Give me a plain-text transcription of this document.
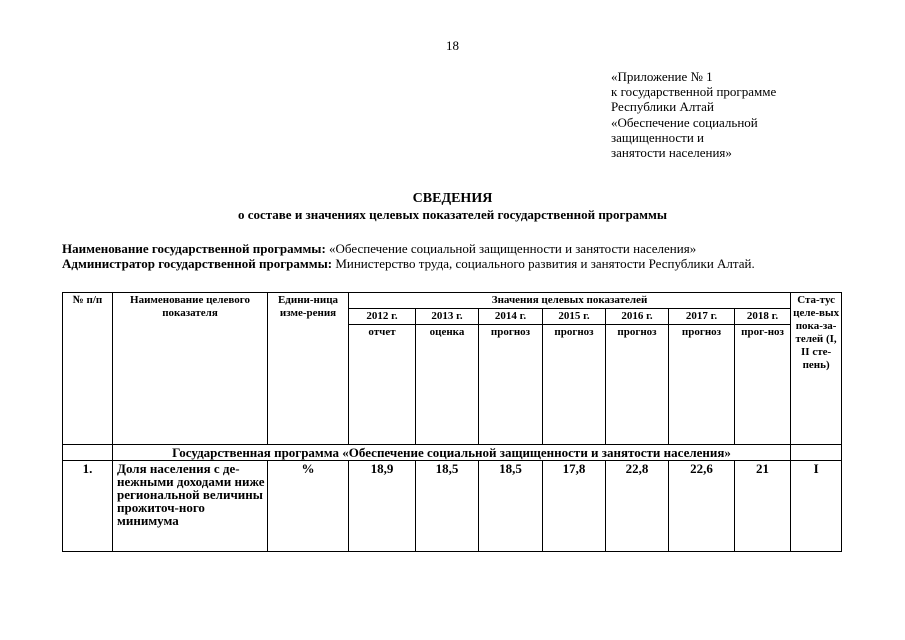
18
«Приложение № 1
к государственной программе
Республики Алтай
«Обеспечение социальной
защищенности и
занятости населения»
СВЕДЕНИЯ
о составе и значениях целевых показателей государственной программы
Наименование государственной программы: «Обеспечение социальной защищенности и занятости населения»
Администратор государственной программы: Министерство труда, социального развития и занятости Республики Алтай.
№ п/п	Наименование целевого показателя	Едини-ница изме-рения	Значения целевых показателей							Ста-тус целе-вых пока-за-телей (I, II сте-пень)
			2012 г.	2013 г.	2014 г.	2015 г.	2016 г.	2017 г.	2018 г.	
			отчет	оценка	прогноз	прогноз	прогноз	прогноз	прог-ноз	
	Государственная программа «Обеспечение социальной защищенности и занятости населения»									
1.	Доля населения с де-нежными доходами ниже региональной величины прожиточ-ного минимума	%	18,9	18,5	18,5	17,8	22,8	22,6	21	I
